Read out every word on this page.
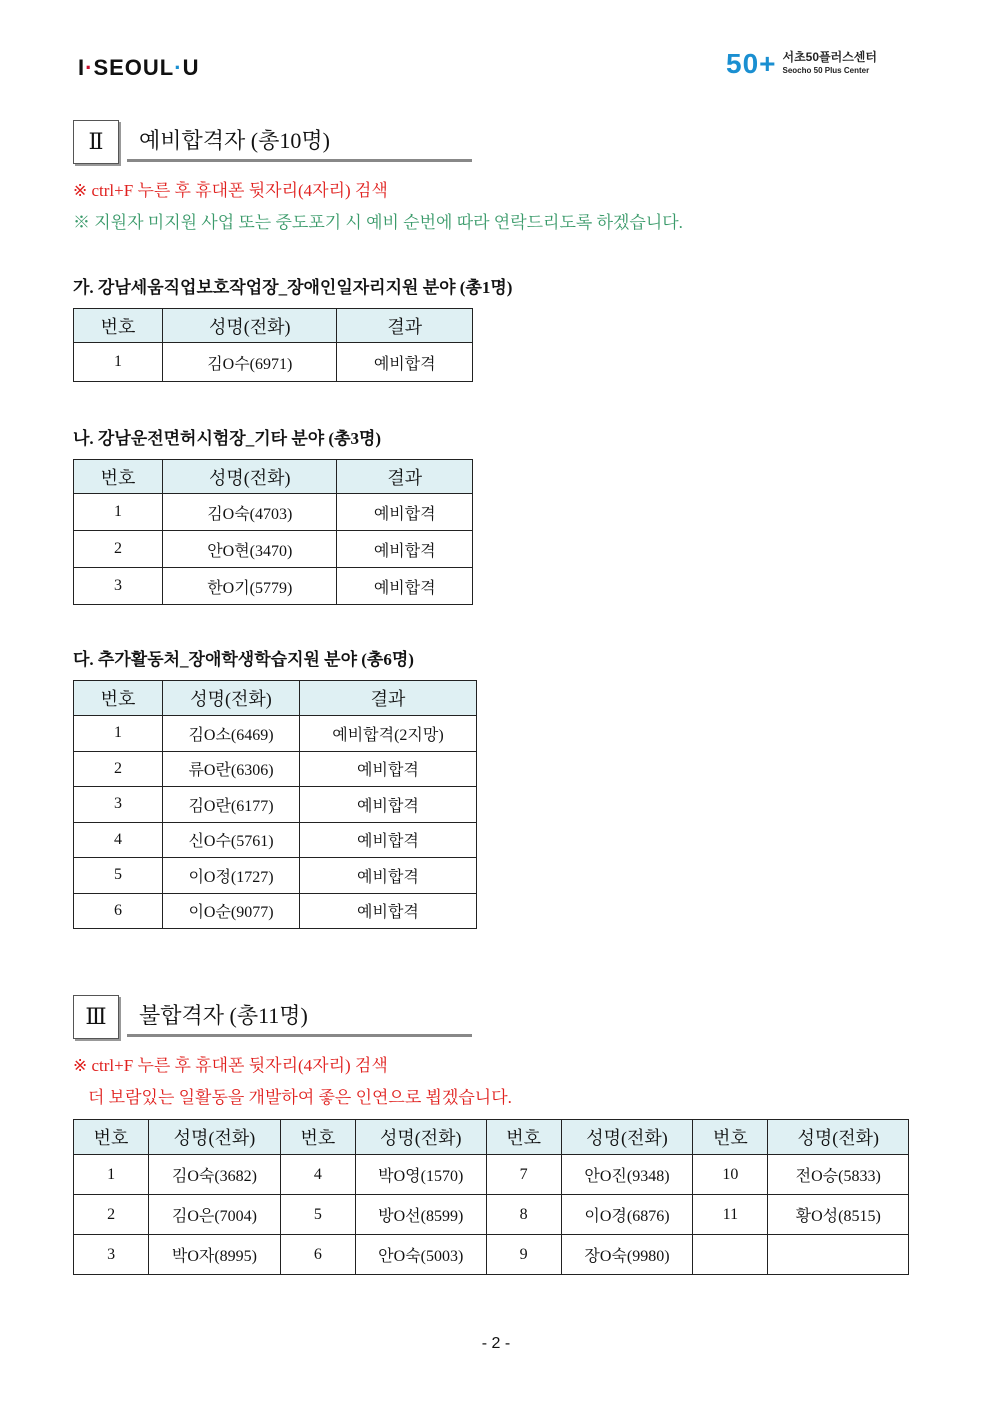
I·SEOUL·U	50+ 서초50플러스센터
Seocho 50 Plus Center
Ⅱ	예비합격자 (총10명)
※ ctrl+F 누른 후 휴대폰 뒷자리(4자리) 검색
※ 지원자 미지원 사업 또는 중도포기 시 예비 순번에 따라 연락드리도록 하겠습니다.
가. 강남세움직업보호작업장_장애인일자리지원 분야 (총1명)
번호	성명(전화)	결과
1	김O수(6971)	예비합격
나. 강남운전면허시험장_기타 분야 (총3명)
번호	성명(전화)	결과
1	김O숙(4703)	예비합격
2	안O현(3470)	예비합격
3	한O기(5779)	예비합격
다. 추가활동처_장애학생학습지원 분야 (총6명)
번호	성명(전화)	결과
1	김O소(6469)	예비합격(2지망)
2	류O란(6306)	예비합격
3	김O란(6177)	예비합격
4	신O수(5761)	예비합격
5	이O정(1727)	예비합격
6	이O순(9077)	예비합격
Ⅲ	불합격자 (총11명)
※ ctrl+F 누른 후 휴대폰 뒷자리(4자리) 검색
더 보람있는 일활동을 개발하여 좋은 인연으로 뵙겠습니다.
번호	성명(전화)	번호	성명(전화)	번호	성명(전화)	번호	성명(전화)
1	김O숙(3682)	4	박O영(1570)	7	안O진(9348)	10	전O승(5833)
2	김O은(7004)	5	방O선(8599)	8	이O경(6876)	11	황O성(8515)
3	박O자(8995)	6	안O숙(5003)	9	장O숙(9980)		
- 2 -
